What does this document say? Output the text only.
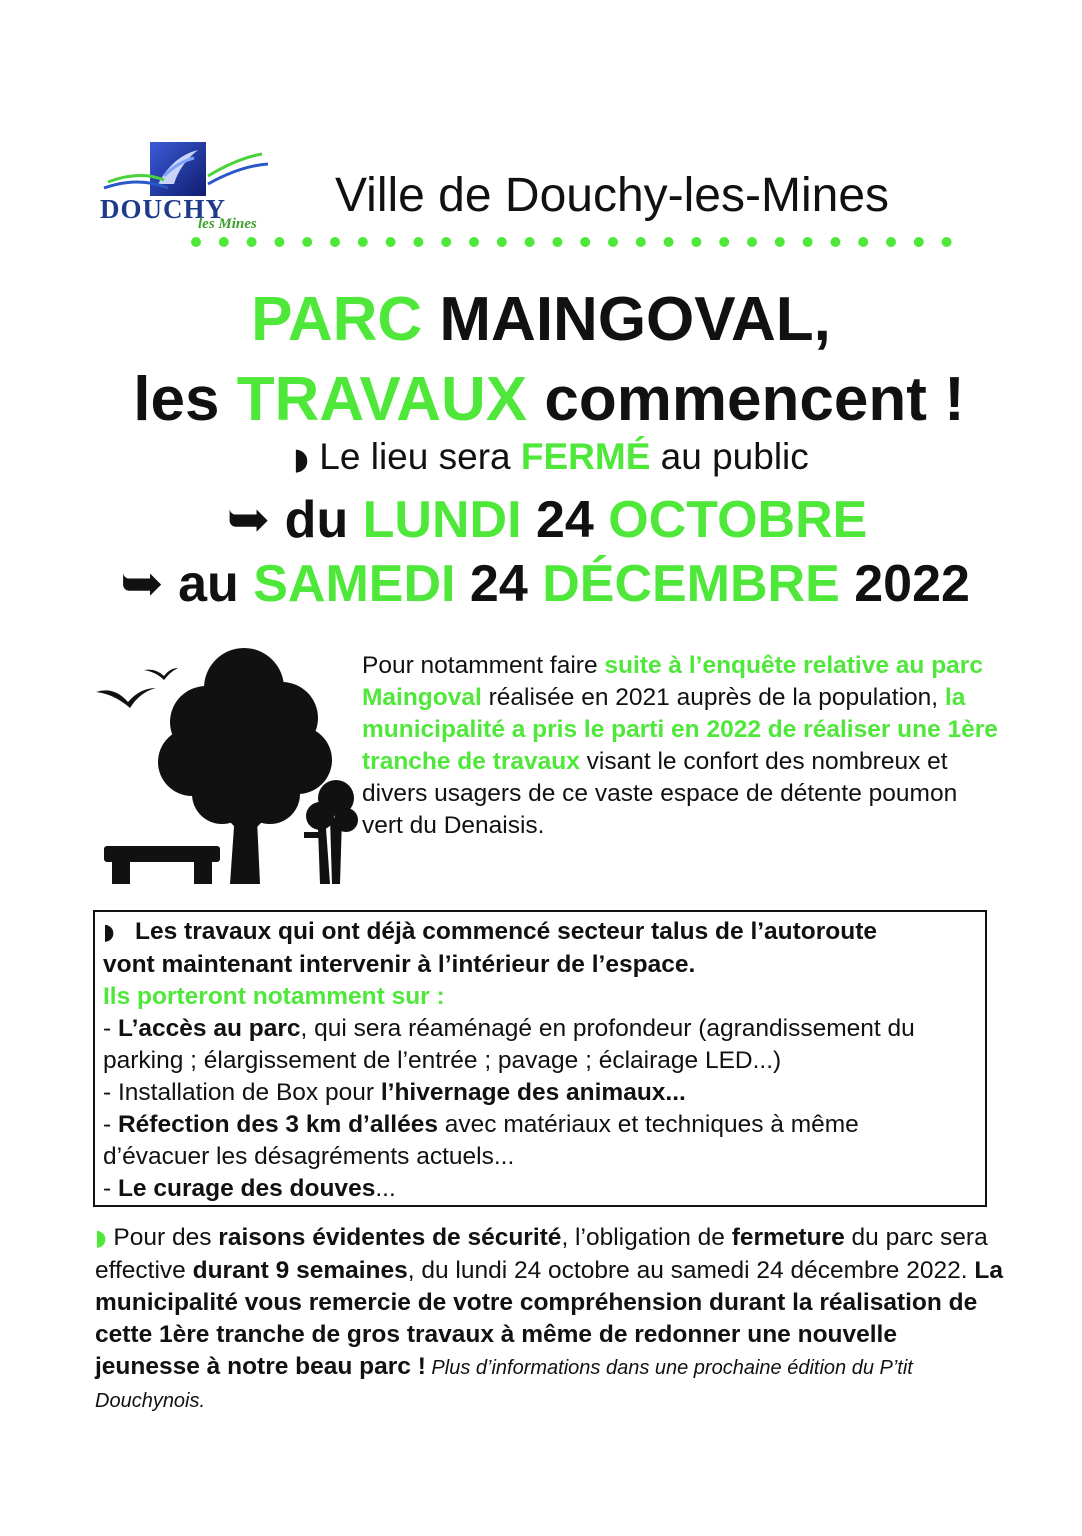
DOUCHY
les Mines
Ville de Douchy-les-Mines
PARC MAINGOVAL,
les TRAVAUX commencent !
◗ Le lieu sera FERMÉ au public
➥ du LUNDI 24 OCTOBRE
➥ au SAMEDI 24 DÉCEMBRE 2022
Pour notamment faire suite à l’enquête relative au parc Maingoval réalisée en 2021 auprès de la population, la municipalité a pris le parti en 2022 de réaliser une 1ère tranche de travaux visant le confort des nombreux et divers usagers de ce vaste espace de détente poumon vert du Denaisis.
◗   Les travaux qui ont déjà commencé secteur talus de l’autoroute
vont maintenant intervenir à l’intérieur de l’espace.
Ils porteront notamment sur :
- L’accès au parc, qui sera réaménagé en profondeur (agrandissement du
parking ; élargissement de l’entrée ; pavage ; éclairage LED...)
- Installation de Box pour l’hivernage des animaux...
- Réfection des 3 km d’allées avec matériaux et techniques à même
d’évacuer les désagréments actuels...
- Le curage des douves...
◗ Pour des raisons évidentes de sécurité, l’obligation de fermeture du parc sera effective durant 9 semaines, du lundi 24 octobre au samedi 24 décembre 2022. La municipalité vous remercie de votre compréhension durant la réalisation de cette 1ère tranche de gros travaux à même de redonner une nouvelle jeunesse à notre beau parc ! Plus d’informations dans une prochaine édition du P’tit Douchynois.
